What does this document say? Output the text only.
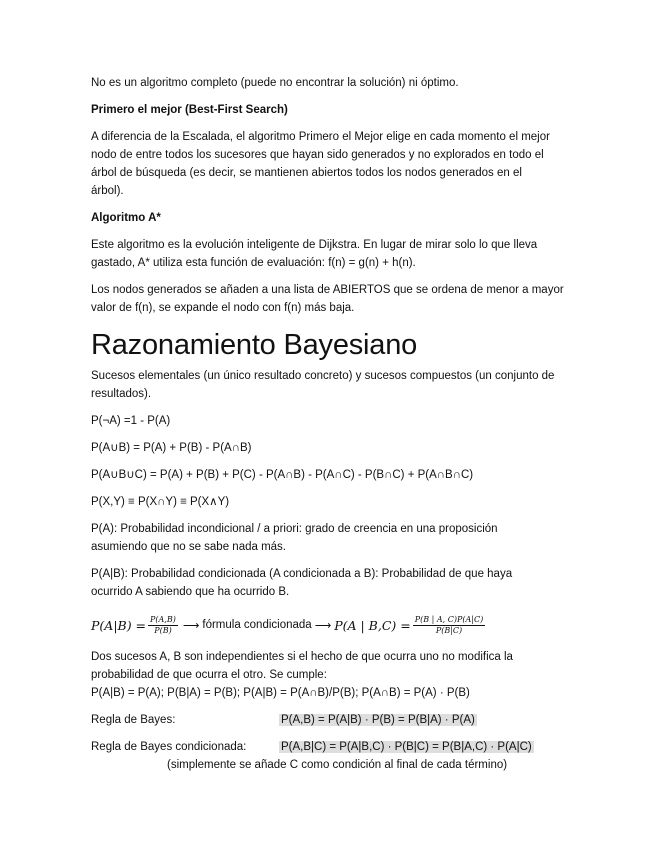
No es un algoritmo completo (puede no encontrar la solución) ni óptimo.
Primero el mejor (Best-First Search)
A diferencia de la Escalada, el algoritmo Primero el Mejor elige en cada momento el mejor
nodo de entre todos los sucesores que hayan sido generados y no explorados en todo el
árbol de búsqueda (es decir, se mantienen abiertos todos los nodos generados en el
árbol).
Algoritmo A*
Este algoritmo es la evolución inteligente de Dijkstra. En lugar de mirar solo lo que lleva
gastado, A* utiliza esta función de evaluación: f(n) = g(n) + h(n).
Los nodos generados se añaden a una lista de ABIERTOS que se ordena de menor a mayor
valor de f(n), se expande el nodo con f(n) más baja.
Razonamiento Bayesiano
Sucesos elementales (un único resultado concreto) y sucesos compuestos (un conjunto de
resultados).
P(¬A) =1 - P(A)
P(A∪B) = P(A) + P(B) - P(A∩B)
P(A∪B∪C) = P(A) + P(B) + P(C) - P(A∩B) - P(A∩C) - P(B∩C) + P(A∩B∩C)
P(X,Y) ≡ P(X∩Y) ≡ P(X∧Y)
P(A): Probabilidad incondicional / a priori: grado de creencia en una proposición
asumiendo que no se sabe nada más.
P(A|B): Probabilidad condicionada (A condicionada a B): Probabilidad de que haya
ocurrido A sabiendo que ha ocurrido B.
$P(A|B) = \frac{P(A,B)}{P(B)}$ ⟶ fórmula condicionada ⟶ P(A | $B,C) = \frac{P(B | A, C)P(A|C)}{P(B|C)}$
Dos sucesos A, B son independientes si el hecho de que ocurra uno no modifica la
probabilidad de que ocurra el otro. Se cumple:
P(A|B) = P(A); P(B|A) = P(B); P(A|B) = P(A∩B)/P(B); P(A∩B) = P(A) · P(B)
Regla de Bayes:	P(A,B) = P(A|B) · P(B) = P(B|A) · P(A)
Regla de Bayes condicionada:	P(A,B|C) = P(A|B,C) · P(B|C) = P(B|A,C) · P(A|C)
(simplemente se añade C como condición al final de cada término)
